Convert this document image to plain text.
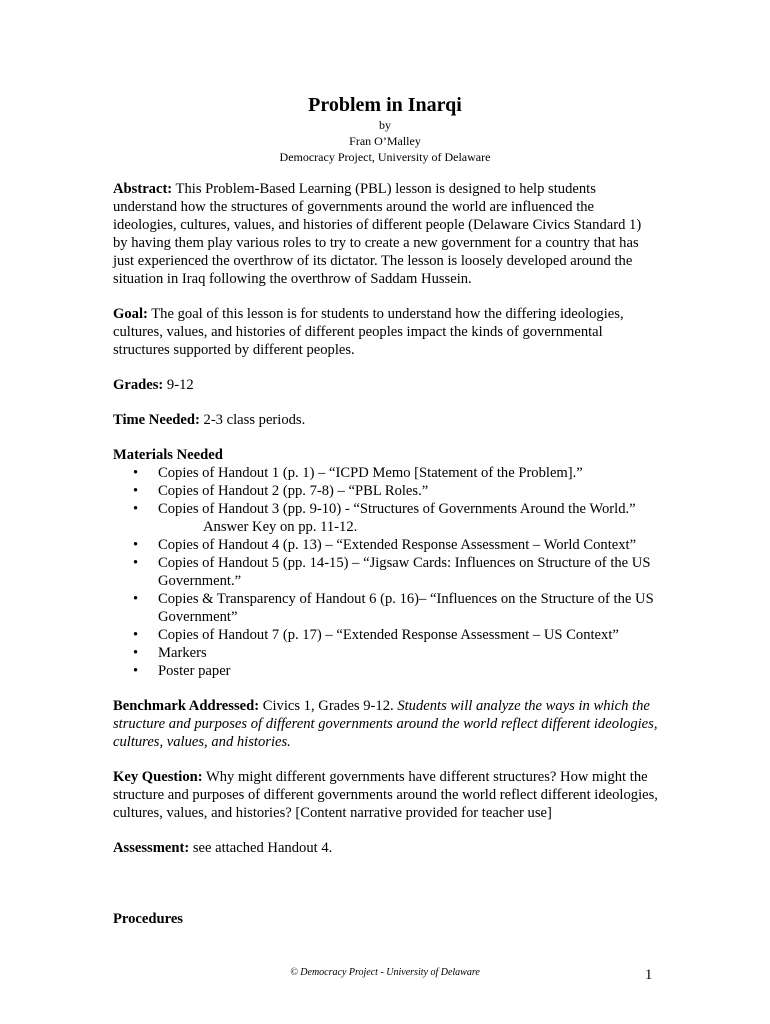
Problem in Inarqi
by
Fran O’Malley
Democracy Project, University of Delaware

Abstract: This Problem-Based Learning (PBL) lesson is designed to help students understand how the structures of governments around the world are influenced the ideologies, cultures, values, and histories of different people (Delaware Civics Standard 1) by having them play various roles to try to create a new government for a country that has just experienced the overthrow of its dictator. The lesson is loosely developed around the situation in Iraq following the overthrow of Saddam Hussein.

Goal: The goal of this lesson is for students to understand how the differing ideologies, cultures, values, and histories of different peoples impact the kinds of governmental structures supported by different peoples.

Grades: 9-12

Time Needed: 2-3 class periods.

Materials Needed

• Copies of Handout 1 (p. 1) – “ICPD Memo [Statement of the Problem].”
• Copies of Handout 2 (pp. 7-8) – “PBL Roles.”
• Copies of Handout 3 (pp. 9-10) - “Structures of Governments Around the World.”
Answer Key on pp. 11-12.
• Copies of Handout 4 (p. 13) – “Extended Response Assessment – World Context”
• Copies of Handout 5 (pp. 14-15) – “Jigsaw Cards: Influences on Structure of the US Government.”
• Copies & Transparency of Handout 6 (p. 16)– “Influences on the Structure of the US Government”
• Copies of Handout 7 (p. 17) – “Extended Response Assessment – US Context”
• Markers
• Poster paper

Benchmark Addressed: Civics 1, Grades 9-12. Students will analyze the ways in which the structure and purposes of different governments around the world reflect different ideologies, cultures, values, and histories.

Key Question: Why might different governments have different structures? How might the structure and purposes of different governments around the world reflect different ideologies, cultures, values, and histories? [Content narrative provided for teacher use]

Assessment: see attached Handout 4.

Procedures
© Democracy Project - University of Delaware	1
